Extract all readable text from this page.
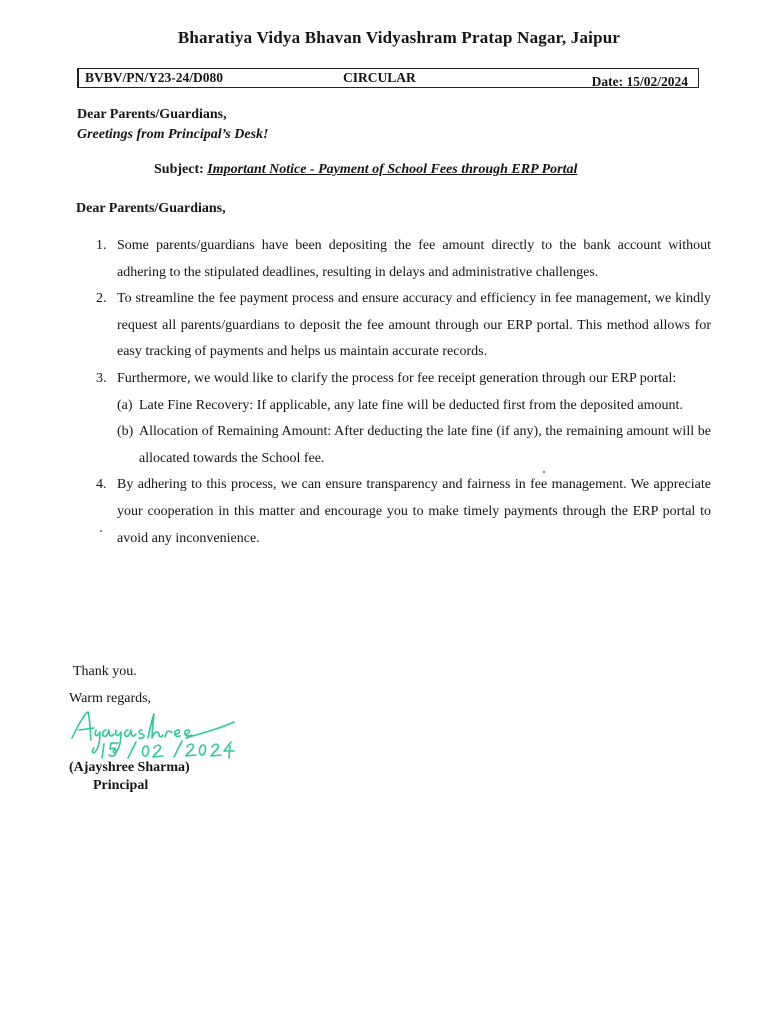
Bharatiya Vidya Bhavan Vidyashram Pratap Nagar, Jaipur
BVBV/PN/Y23-24/D080	CIRCULAR	Date: 15/02/2024
Dear Parents/Guardians,
Greetings from Principal’s Desk!
Subject: Important Notice - Payment of School Fees through ERP Portal
Dear Parents/Guardians,
1. Some parents/guardians have been depositing the fee amount directly to the bank account without adhering to the stipulated deadlines, resulting in delays and administrative challenges.
2. To streamline the fee payment process and ensure accuracy and efficiency in fee management, we kindly request all parents/guardians to deposit the fee amount through our ERP portal. This method allows for easy tracking of payments and helps us maintain accurate records.
3. Furthermore, we would like to clarify the process for fee receipt generation through our ERP portal:
(a) Late Fine Recovery: If applicable, any late fine will be deducted first from the deposited amount.
(b) Allocation of Remaining Amount: After deducting the late fine (if any), the remaining amount will be allocated towards the School fee.
4. By adhering to this process, we can ensure transparency and fairness in fee management. We appreciate your cooperation in this matter and encourage you to make timely payments through the ERP portal to avoid any inconvenience.
Thank you.
Warm regards,
(Ajayshree Sharma)
Principal
